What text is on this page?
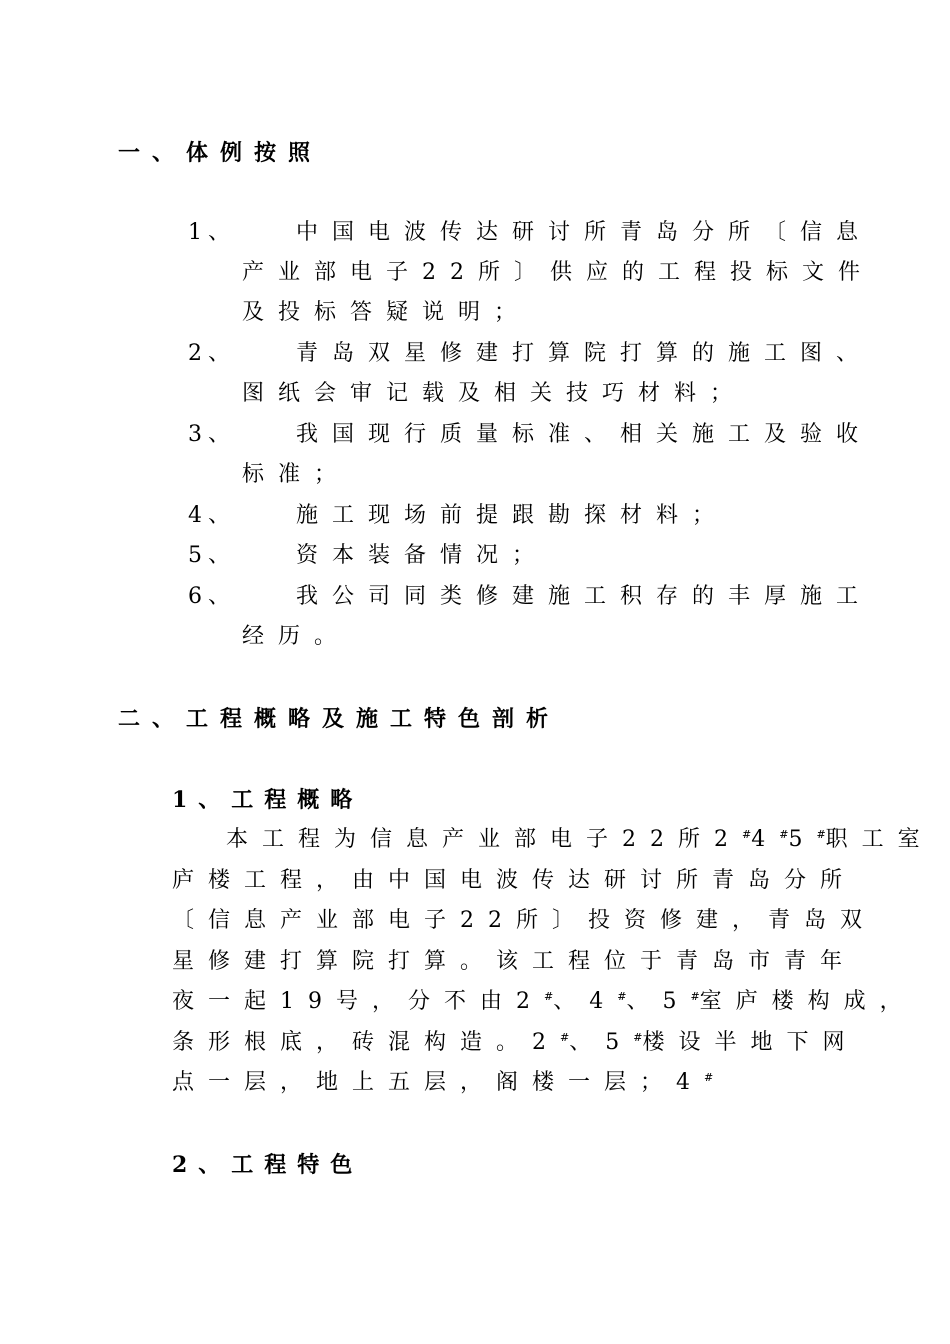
一、体例按照
1、	中国电波传达研讨所青岛分所〔信息
产业部电子22所〕供应的工程投标文件
及投标答疑说明；
2、	青岛双星修建打算院打算的施工图、
图纸会审记载及相关技巧材料；
3、	我国现行质量标准、相关施工及验收
标准；
4、	施工现场前提跟勘探材料；
5、	资本装备情况；
6、	我公司同类修建施工积存的丰厚施工
经历。
二、工程概略及施工特色剖析
1、工程概略
本工程为信息产业部电子22所2#4#5#职工室
庐楼工程，由中国电波传达研讨所青岛分所
〔信息产业部电子22所〕投资修建，青岛双
星修建打算院打算。该工程位于青岛市青年
夜一起19号，分不由2#、4#、5#室庐楼构成，
条形根底，砖混构造。2#、5#楼设半地下网
点一层，地上五层，阁楼一层；4#
2、工程特色
